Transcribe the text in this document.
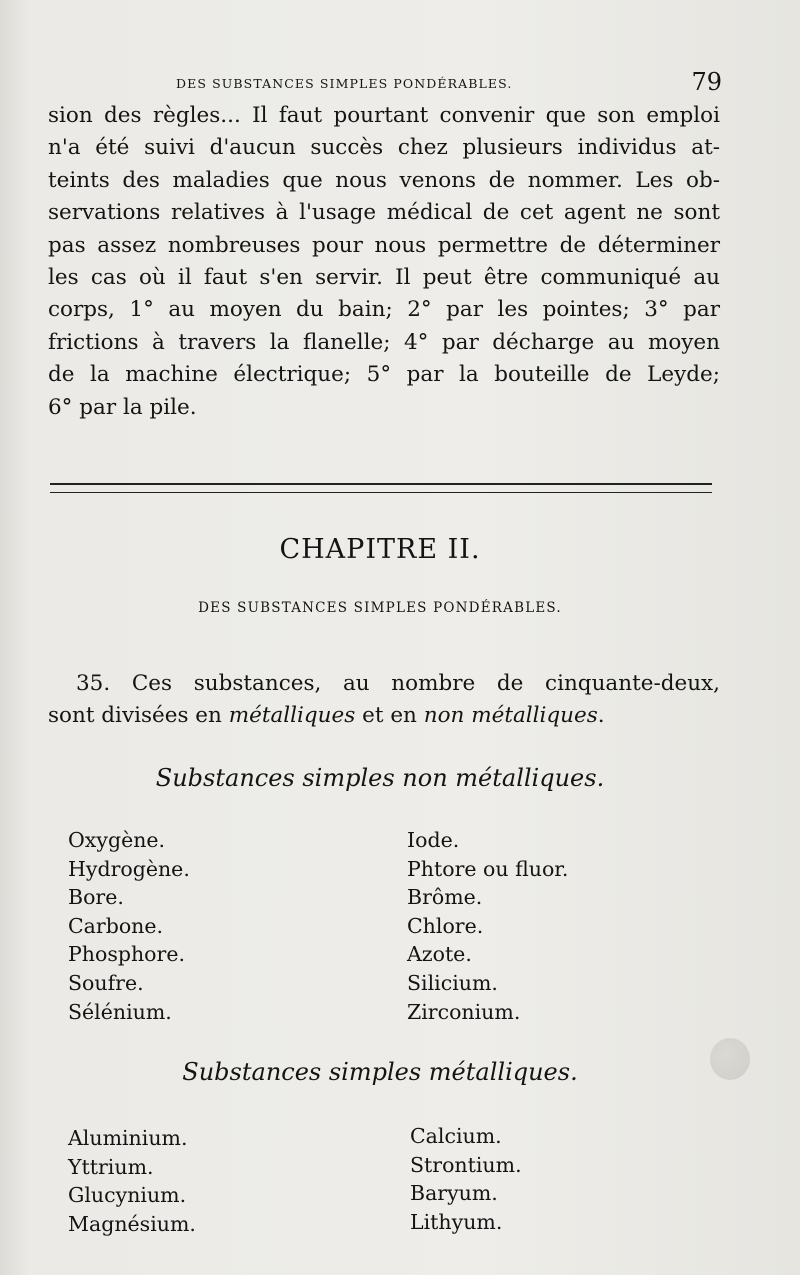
DES SUBSTANCES SIMPLES PONDÉRABLES.	79
sion des règles... Il faut pourtant convenir que son emploi
n'a été suivi d'aucun succès chez plusieurs individus at-
teints des maladies que nous venons de nommer. Les ob-
servations relatives à l'usage médical de cet agent ne sont
pas assez nombreuses pour nous permettre de déterminer
les cas où il faut s'en servir. Il peut être communiqué au
corps, 1° au moyen du bain; 2° par les pointes; 3° par
frictions à travers la flanelle; 4° par décharge au moyen
de la machine électrique; 5° par la bouteille de Leyde;
6° par la pile.
CHAPITRE II.
DES SUBSTANCES SIMPLES PONDÉRABLES.
35. Ces substances, au nombre de cinquante-deux,
sont divisées en métalliques et en non métalliques.
Substances simples non métalliques.
Oxygène.
Hydrogène.
Bore.
Carbone.
Phosphore.
Soufre.
Sélénium.
Iode.
Phtore ou fluor.
Brôme.
Chlore.
Azote.
Silicium.
Zirconium.
Substances simples métalliques.
Aluminium.
Yttrium.
Glucynium.
Magnésium.
Calcium.
Strontium.
Baryum.
Lithyum.
